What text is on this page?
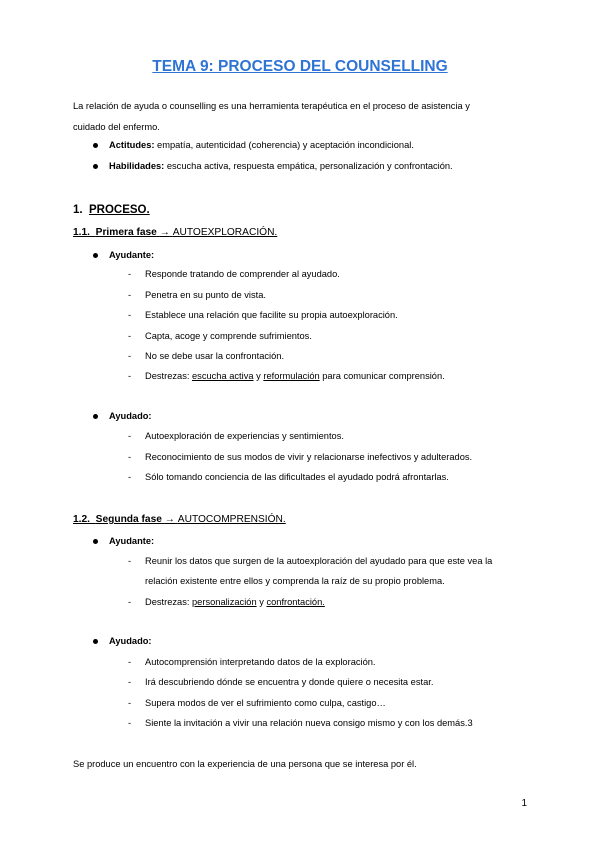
TEMA 9: PROCESO DEL COUNSELLING
La relación de ayuda o counselling es una herramienta terapéutica en el proceso de asistencia y
cuidado del enfermo.
Actitudes: empatía, autenticidad (coherencia) y aceptación incondicional.
Habilidades: escucha activa, respuesta empática, personalización y confrontación.
1. PROCESO.
1.1. Primera fase → AUTOEXPLORACIÓN.
Ayudante:
- Responde tratando de comprender al ayudado.
- Penetra en su punto de vista.
- Establece una relación que facilite su propia autoexploración.
- Capta, acoge y comprende sufrimientos.
- No se debe usar la confrontación.
- Destrezas: escucha activa y reformulación para comunicar comprensión.
Ayudado:
- Autoexploración de experiencias y sentimientos.
- Reconocimiento de sus modos de vivir y relacionarse inefectivos y adulterados.
- Sólo tomando conciencia de las dificultades el ayudado podrá afrontarlas.
1.2. Segunda fase → AUTOCOMPRENSIÓN.
Ayudante:
- Reunir los datos que surgen de la autoexploración del ayudado para que este vea la
relación existente entre ellos y comprenda la raíz de su propio problema.
- Destrezas: personalización y confrontación.
Ayudado:
- Autocomprensión interpretando datos de la exploración.
- Irá descubriendo dónde se encuentra y donde quiere o necesita estar.
- Supera modos de ver el sufrimiento como culpa, castigo…
- Siente la invitación a vivir una relación nueva consigo mismo y con los demás.3
Se produce un encuentro con la experiencia de una persona que se interesa por él.
1
